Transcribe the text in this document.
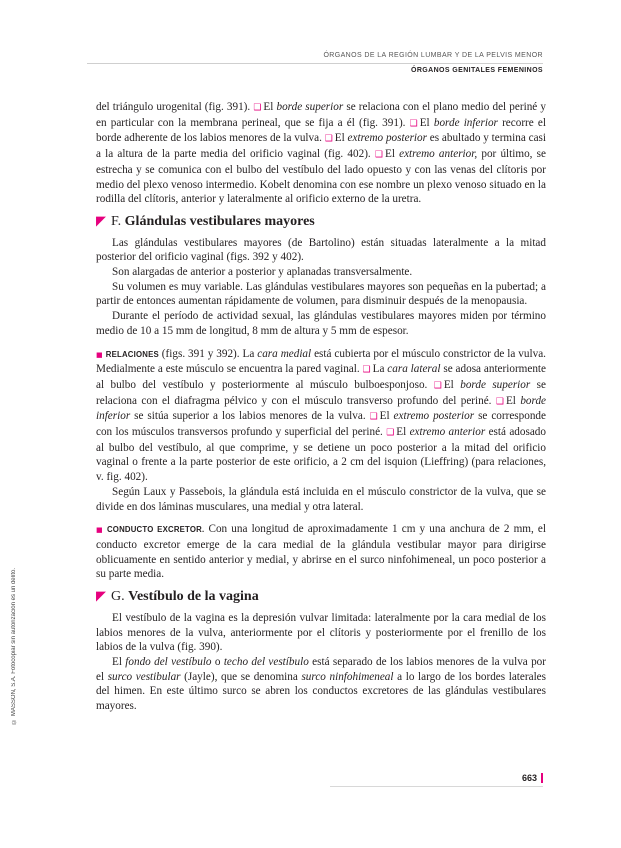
ÓRGANOS DE LA REGIÓN LUMBAR Y DE LA PELVIS MENOR
ÓRGANOS GENITALES FEMENINOS

del triángulo urogenital (fig. 391). ❑ El borde superior se relaciona con el plano medio del periné y en particular con la membrana perineal, que se fija a él (fig. 391). ❑ El borde inferior recorre el borde adherente de los labios menores de la vulva. ❑ El extremo posterior es abultado y termina casi a la altura de la parte media del orificio vaginal (fig. 402). ❑ El extremo anterior, por último, se estrecha y se comunica con el bulbo del vestíbulo del lado opuesto y con las venas del clítoris por medio del plexo venoso intermedio. Kobelt denomina con ese nombre un plexo venoso situado en la rodilla del clítoris, anterior y lateralmente al orificio externo de la uretra.

◤ F. Glándulas vestibulares mayores

Las glándulas vestibulares mayores (de Bartolino) están situadas lateralmente a la mitad posterior del orificio vaginal (figs. 392 y 402).

Son alargadas de anterior a posterior y aplanadas transversalmente.

Su volumen es muy variable. Las glándulas vestibulares mayores son pequeñas en la pubertad; a partir de entonces aumentan rápidamente de volumen, para disminuir después de la menopausia.

Durante el período de actividad sexual, las glándulas vestibulares mayores miden por término medio de 10 a 15 mm de longitud, 8 mm de altura y 5 mm de espesor.

■ RELACIONES (figs. 391 y 392). La cara medial está cubierta por el músculo constrictor de la vulva. Medialmente a este músculo se encuentra la pared vaginal. ❑ La cara lateral se adosa anteriormente al bulbo del vestíbulo y posteriormente al músculo bulboesponjoso. ❑ El borde superior se relaciona con el diafragma pélvico y con el músculo transverso profundo del periné. ❑ El borde inferior se sitúa superior a los labios menores de la vulva. ❑ El extremo posterior se corresponde con los músculos transversos profundo y superficial del periné. ❑ El extremo anterior está adosado al bulbo del vestíbulo, al que comprime, y se detiene un poco posterior a la mitad del orificio vaginal o frente a la parte posterior de este orificio, a 2 cm del isquion (Lieffring) (para relaciones, v. fig. 402).

Según Laux y Passebois, la glándula está incluida en el músculo constrictor de la vulva, que se divide en dos láminas musculares, una medial y otra lateral.

■ CONDUCTO EXCRETOR. Con una longitud de aproximadamente 1 cm y una anchura de 2 mm, el conducto excretor emerge de la cara medial de la glándula vestibular mayor para dirigirse oblicuamente en sentido anterior y medial, y abrirse en el surco ninfohimeneal, un poco posterior a su parte media.

◤ G. Vestíbulo de la vagina

El vestíbulo de la vagina es la depresión vulvar limitada: lateralmente por la cara medial de los labios menores de la vulva, anteriormente por el clítoris y posteriormente por el frenillo de los labios de la vulva (fig. 390).

El fondo del vestíbulo o techo del vestíbulo está separado de los labios menores de la vulva por el surco vestibular (Jayle), que se denomina surco ninfohimeneal a lo largo de los bordes laterales del himen. En este último surco se abren los conductos excretores de las glándulas vestibulares mayores.

© MASSON, S.A. Fotocopiar sin autorización es un delito.
663
